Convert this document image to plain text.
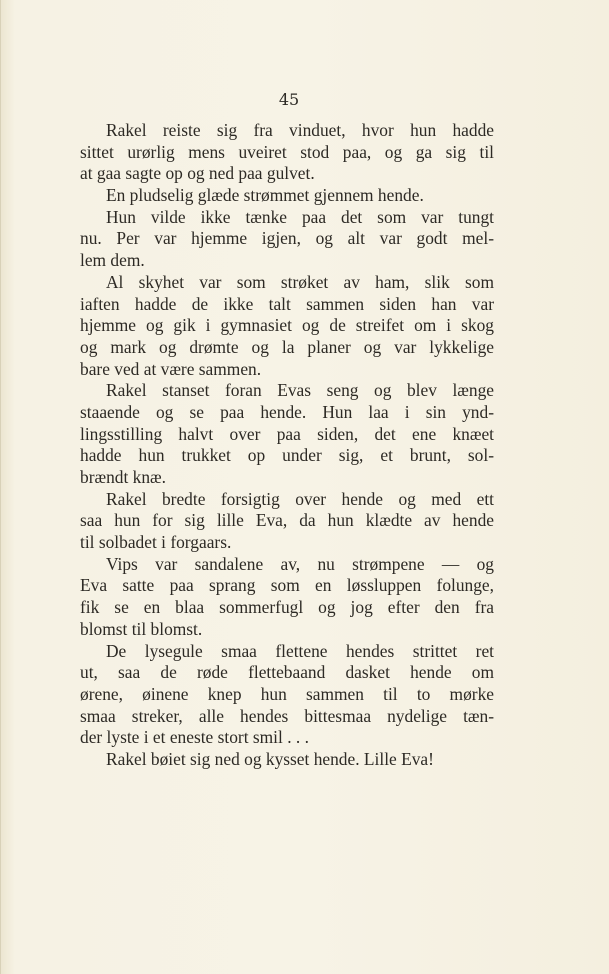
45
Rakel reiste sig fra vinduet, hvor hun hadde
sittet urørlig mens uveiret stod paa, og ga sig til
at gaa sagte op og ned paa gulvet.
En pludselig glæde strømmet gjennem hende.
Hun vilde ikke tænke paa det som var tungt
nu. Per var hjemme igjen, og alt var godt mel-
lem dem.
Al skyhet var som strøket av ham, slik som
iaften hadde de ikke talt sammen siden han var
hjemme og gik i gymnasiet og de streifet om i skog
og mark og drømte og la planer og var lykkelige
bare ved at være sammen.
Rakel stanset foran Evas seng og blev længe
staaende og se paa hende. Hun laa i sin ynd-
lingsstilling halvt over paa siden, det ene knæet
hadde hun trukket op under sig, et brunt, sol-
brændt knæ.
Rakel bredte forsigtig over hende og med ett
saa hun for sig lille Eva, da hun klædte av hende
til solbadet i forgaars.
Vips var sandalene av, nu strømpene — og
Eva satte paa sprang som en løssluppen folunge,
fik se en blaa sommerfugl og jog efter den fra
blomst til blomst.
De lysegule smaa flettene hendes strittet ret
ut, saa de røde flettebaand dasket hende om
ørene, øinene knep hun sammen til to mørke
smaa streker, alle hendes bittesmaa nydelige tæn-
der lyste i et eneste stort smil . . .
Rakel bøiet sig ned og kysset hende. Lille Eva!
